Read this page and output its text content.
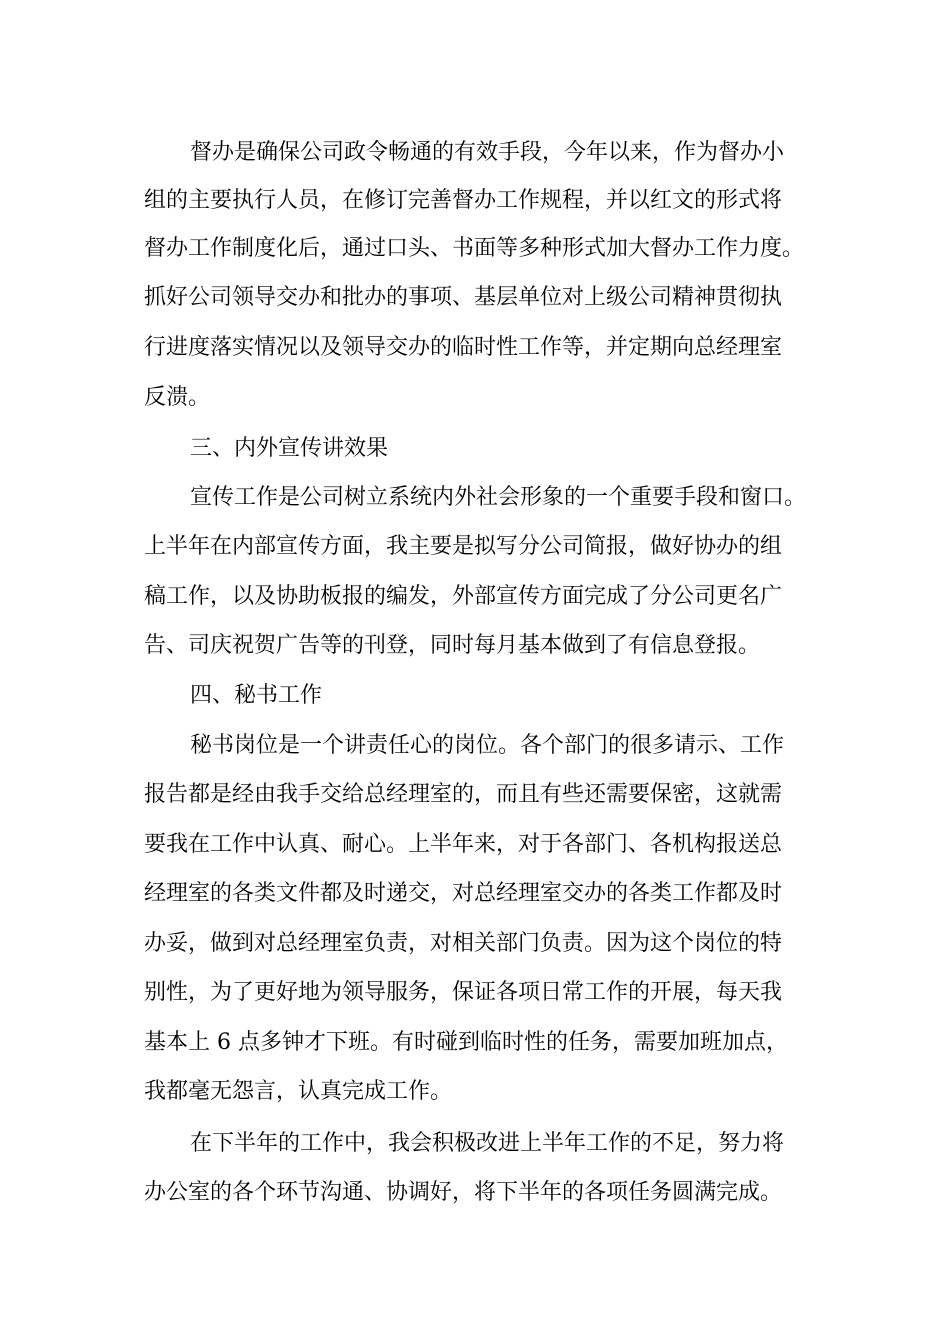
督办是确保公司政令畅通的有效手段，今年以来，作为督办小
组的主要执行人员，在修订完善督办工作规程，并以红文的形式将
督办工作制度化后，通过口头、书面等多种形式加大督办工作力度。
抓好公司领导交办和批办的事项、基层单位对上级公司精神贯彻执
行进度落实情况以及领导交办的临时性工作等，并定期向总经理室
反溃。
三、内外宣传讲效果
宣传工作是公司树立系统内外社会形象的一个重要手段和窗口。
上半年在内部宣传方面，我主要是拟写分公司简报，做好协办的组
稿工作，以及协助板报的编发，外部宣传方面完成了分公司更名广
告、司庆祝贺广告等的刊登，同时每月基本做到了有信息登报。
四、秘书工作
秘书岗位是一个讲责任心的岗位。各个部门的很多请示、工作
报告都是经由我手交给总经理室的，而且有些还需要保密，这就需
要我在工作中认真、耐心。上半年来，对于各部门、各机构报送总
经理室的各类文件都及时递交，对总经理室交办的各类工作都及时
办妥，做到对总经理室负责，对相关部门负责。因为这个岗位的特
别性，为了更好地为领导服务，保证各项日常工作的开展，每天我
基本上 6 点多钟才下班。有时碰到临时性的任务，需要加班加点，
我都毫无怨言，认真完成工作。
在下半年的工作中，我会积极改进上半年工作的不足，努力将
办公室的各个环节沟通、协调好，将下半年的各项任务圆满完成。
